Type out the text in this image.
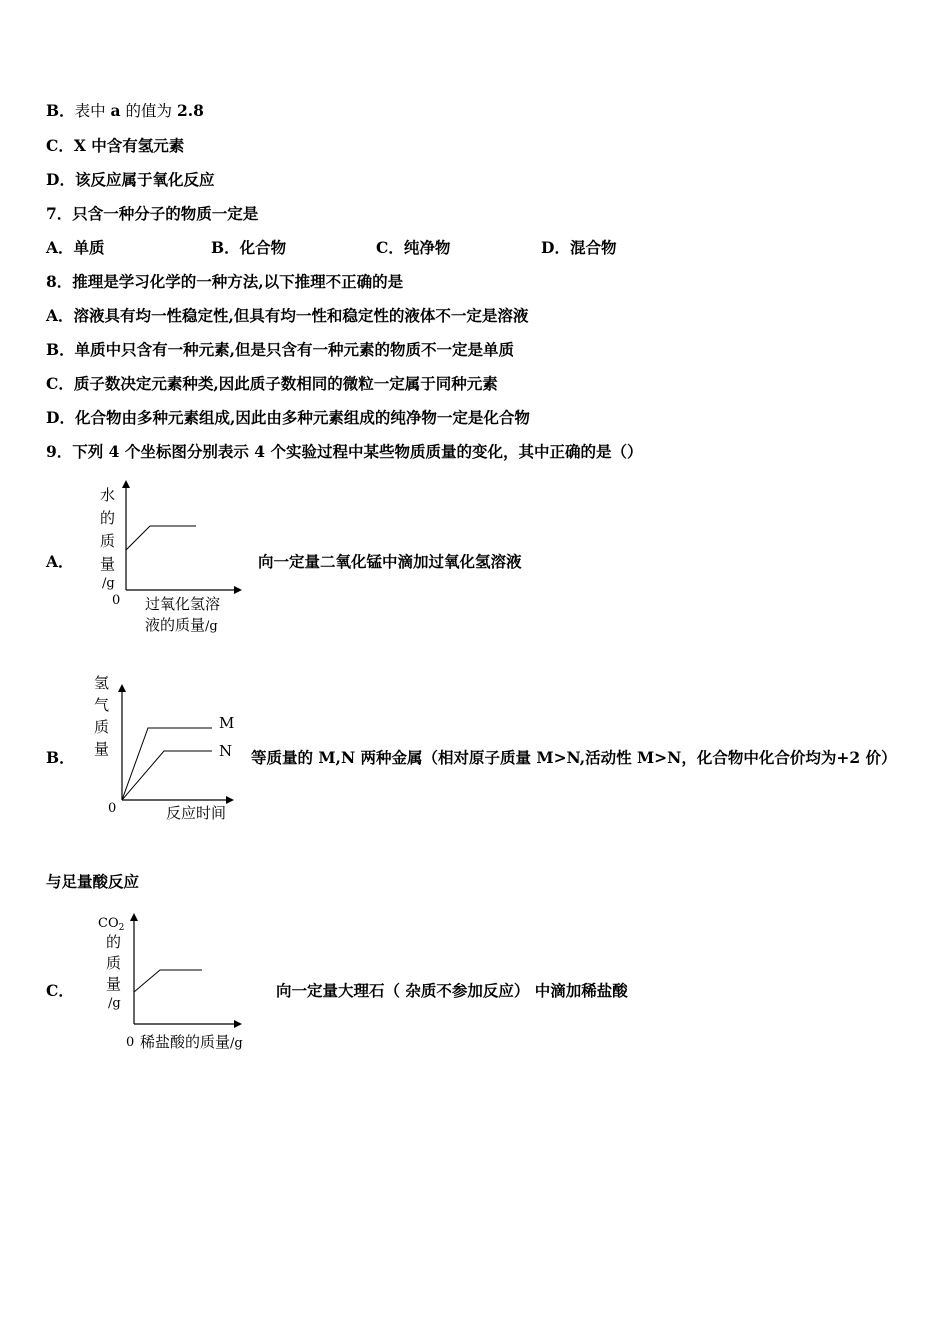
B．表中 a 的值为 2.8
C．X 中含有氢元素
D．该反应属于氧化反应
7．只含一种分子的物质一定是
A．单质	B．化合物	C．纯净物	D．混合物
8．推理是学习化学的一种方法,以下推理不正确的是
A．溶液具有均一性稳定性,但具有均一性和稳定性的液体不一定是溶液
B．单质中只含有一种元素,但是只含有一种元素的物质不一定是单质
C．质子数决定元素种类,因此质子数相同的微粒一定属于同种元素
D．化合物由多种元素组成,因此由多种元素组成的纯净物一定是化合物
9．下列 4 个坐标图分别表示 4 个实验过程中某些物质质量的变化，其中正确的是（）
A．
水
的
质
量
/g
0 过氧化氢溶
液的质量/g
向一定量二氧化锰中滴加过氧化氢溶液
B．
氢
气
质
量
0	反应时间
M
N 等质量的 M,N 两种金属（相对原子质量 M>N,活动性 M>N，化合物中化合价均为+2 价）
与足量酸反应
C．
$CO_2$
的
质
量
/g
0 稀盐酸的质量/g
向一定量大理石（ 杂质不参加反应） 中滴加稀盐酸
